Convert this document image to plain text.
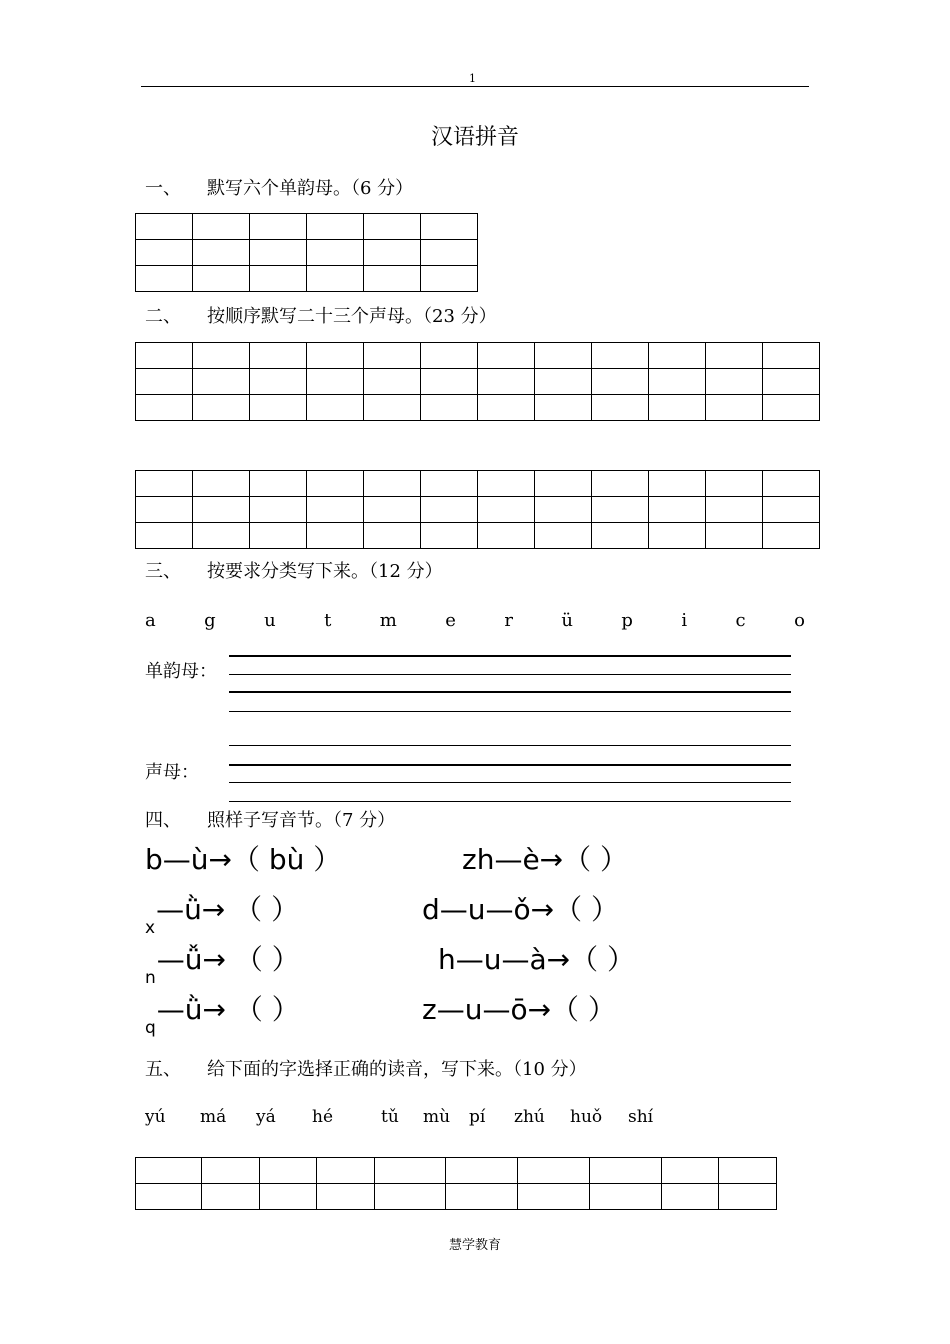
1
汉语拼音
一、 默写六个单韵母。（6 分）

二、 按顺序默写二十三个声母。（23 分）

三、 按要求分类写下来。（12 分）
a	g	u	t	m	e	r	ü	p	i	c	o
单韵母：
声母：
四、 照样子写音节。（7 分）
b—ù→（ bù ）	zh—è→（ ）
$_x$—ǜ→ （ ）	d—u—ǒ→（ ）
$_n$—ǚ→ （ ）	h—u—à→（ ）
$_q$—ǜ→ （ ）	z—u—ō→（ ）
五、 给下面的字选择正确的读音，写下来。（10 分）
yú má yá hé	tǔ mù pí zhú huǒ shí

慧学教育
